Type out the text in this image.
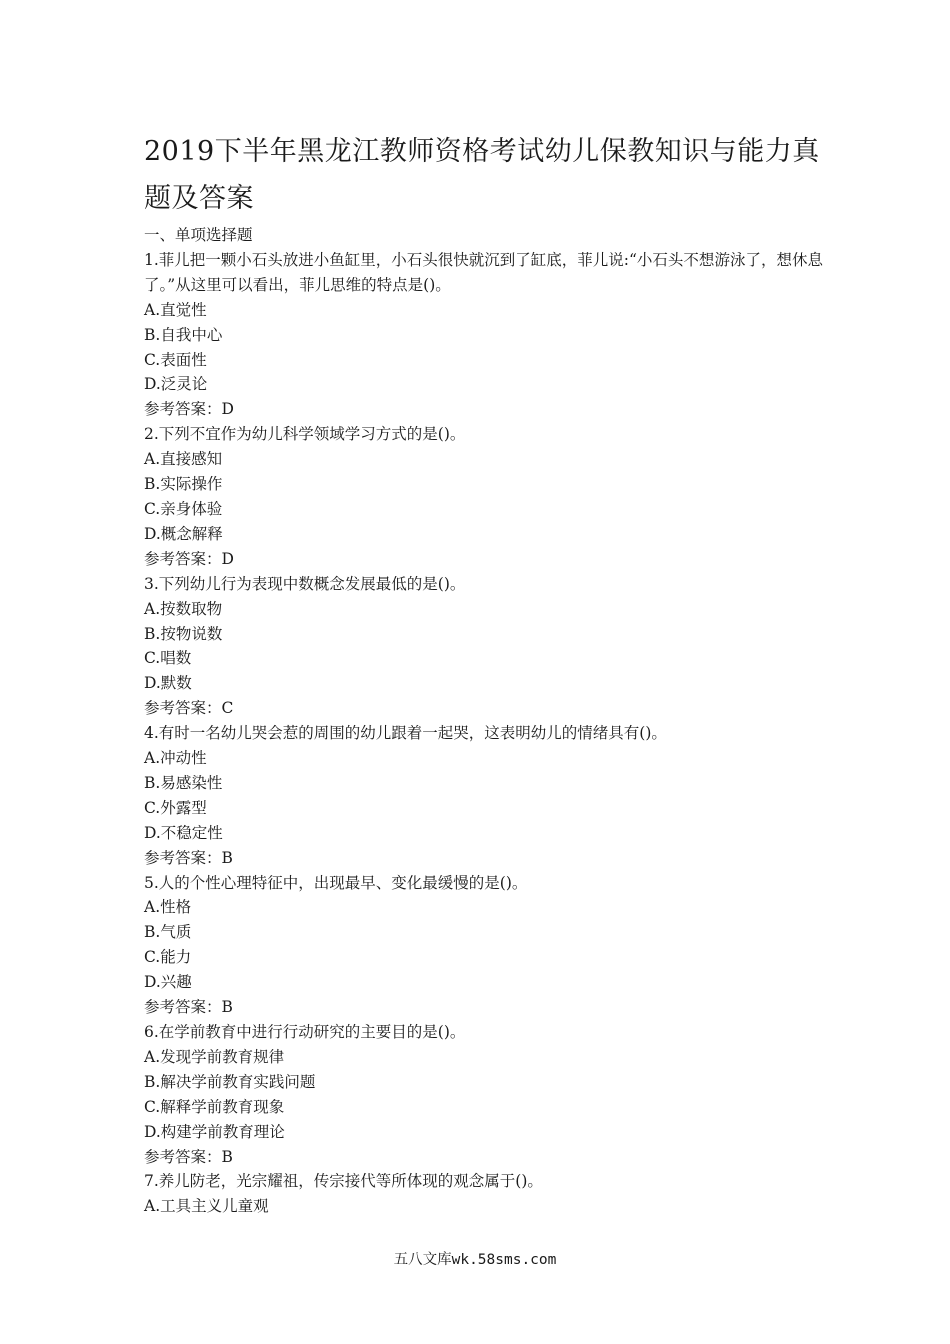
2019下半年黑龙江教师资格考试幼儿保教知识与能力真题及答案
一、单项选择题
1.菲儿把一颗小石头放进小鱼缸里，小石头很快就沉到了缸底，菲儿说:“小石头不想游泳了，想休息了。”从这里可以看出，菲儿思维的特点是()。
A.直觉性
B.自我中心
C.表面性
D.泛灵论
参考答案：D
2.下列不宜作为幼儿科学领域学习方式的是()。
A.直接感知
B.实际操作
C.亲身体验
D.概念解释
参考答案：D
3.下列幼儿行为表现中数概念发展最低的是()。
A.按数取物
B.按物说数
C.唱数
D.默数
参考答案：C
4.有时一名幼儿哭会惹的周围的幼儿跟着一起哭，这表明幼儿的情绪具有()。
A.冲动性
B.易感染性
C.外露型
D.不稳定性
参考答案：B
5.人的个性心理特征中，出现最早、变化最缓慢的是()。
A.性格
B.气质
C.能力
D.兴趣
参考答案：B
6.在学前教育中进行行动研究的主要目的是()。
A.发现学前教育规律
B.解决学前教育实践问题
C.解释学前教育现象
D.构建学前教育理论
参考答案：B
7.养儿防老，光宗耀祖，传宗接代等所体现的观念属于()。
A.工具主义儿童观
五八文库wk.58sms.com
